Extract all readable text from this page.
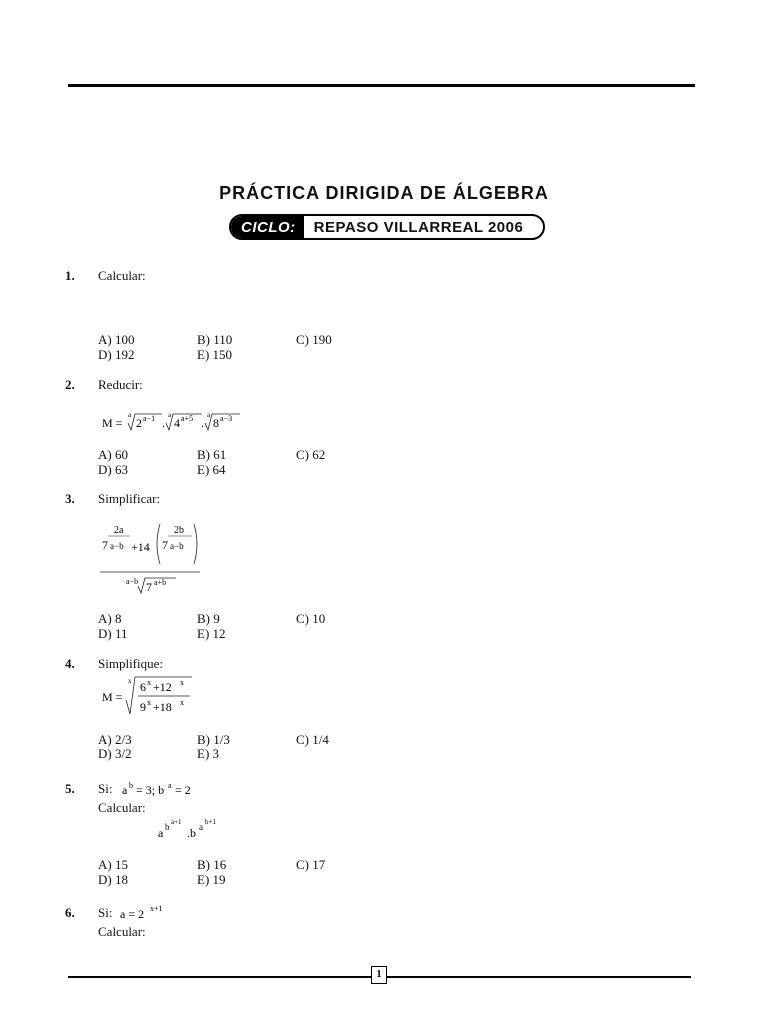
PRÁCTICA DIRIGIDA DE ÁLGEBRA
CICLO:	REPASO VILLARREAL 2006
1. Calcular:
A) 100	B) 110	C) 190
D) 192	E) 150
2. Reducir:
M =
a
2 a−1 .
a
4 a+5 .
a
8 a−3
A) 60	B) 61	C) 62
D) 63	E) 64
3. Simplificar:
2a
7 a−b +14
2b
7 a−b
a−b 7 a+b
A) 8	B) 9	C) 10
D) 11	E) 12
4. Simplifique:
M =
x 6 x +12 x
9 x +18 x
A) 2/3	B) 1/3	C) 1/4
D) 3/2	E) 3
5. Si: a b = 3; b a = 2
Calcular:
a b a+1
.b a b+1
A) 15	B) 16	C) 17
D) 18	E) 19
6. Si: a = 2 x+1
Calcular:
1
